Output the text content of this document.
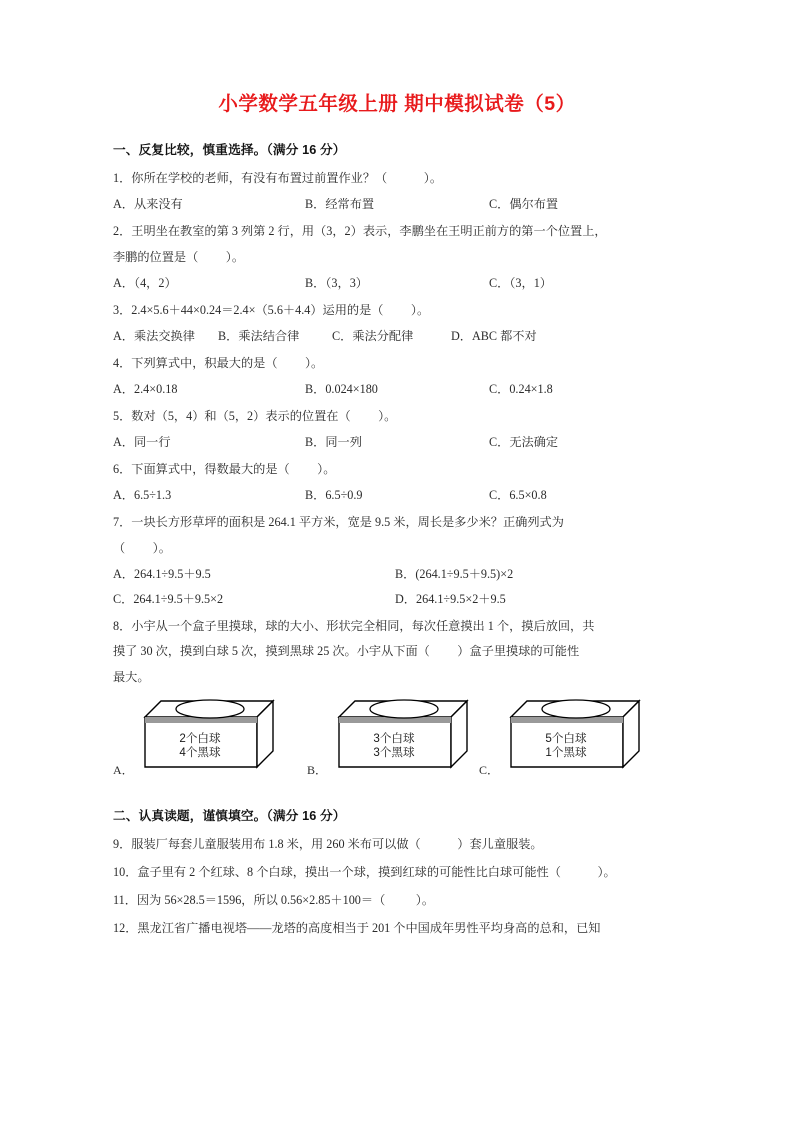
小学数学五年级上册 期中模拟试卷（5）
一、反复比较，慎重选择。（满分 16 分）
1．你所在学校的老师，有没有布置过前置作业？（            ）。
A．从来没有	B．经常布置	C．偶尔布置
2．王明坐在教室的第 3 列第 2 行，用（3，2）表示，李鹏坐在王明正前方的第一个位置上，
李鹏的位置是（         ）。
A．（4，2）	B．（3，3）	C．（3，1）
3．2.4×5.6＋44×0.24＝2.4×（5.6＋4.4）运用的是（         ）。
A．乘法交换律 B．乘法结合律	C．乘法分配律	D．ABC 都不对
4．下列算式中，积最大的是（         ）。
A．2.4×0.18	B．0.024×180	C．0.24×1.8
5．数对（5，4）和（5，2）表示的位置在（         ）。
A．同一行	B．同一列	C．无法确定
6．下面算式中，得数最大的是（         ）。
A．6.5÷1.3	B．6.5÷0.9	C．6.5×0.8
7．一块长方形草坪的面积是 264.1 平方米，宽是 9.5 米，周长是多少米？正确列式为
（         ）。
A．264.1÷9.5＋9.5	B．(264.1÷9.5＋9.5)×2
C．264.1÷9.5＋9.5×2	D．264.1÷9.5×2＋9.5
8．小宇从一个盒子里摸球，球的大小、形状完全相同，每次任意摸出 1 个，摸后放回，共
摸了 30 次，摸到白球 5 次，摸到黑球 25 次。小宇从下面（         ）盒子里摸球的可能性
最大。
A．
2个白球
4个黑球
B．
3个白球
3个黑球
C．
5个白球
1个黑球
二、认真读题，谨慎填空。（满分 16 分）
9．服装厂每套儿童服装用布 1.8 米，用 260 米布可以做（            ）套儿童服装。
10．盒子里有 2 个红球、8 个白球，摸出一个球，摸到红球的可能性比白球可能性（            ）。
11．因为 56×28.5＝1596，所以 0.56×2.85＋100＝（          ）。
12．黑龙江省广播电视塔——龙塔的高度相当于 201 个中国成年男性平均身高的总和，已知
